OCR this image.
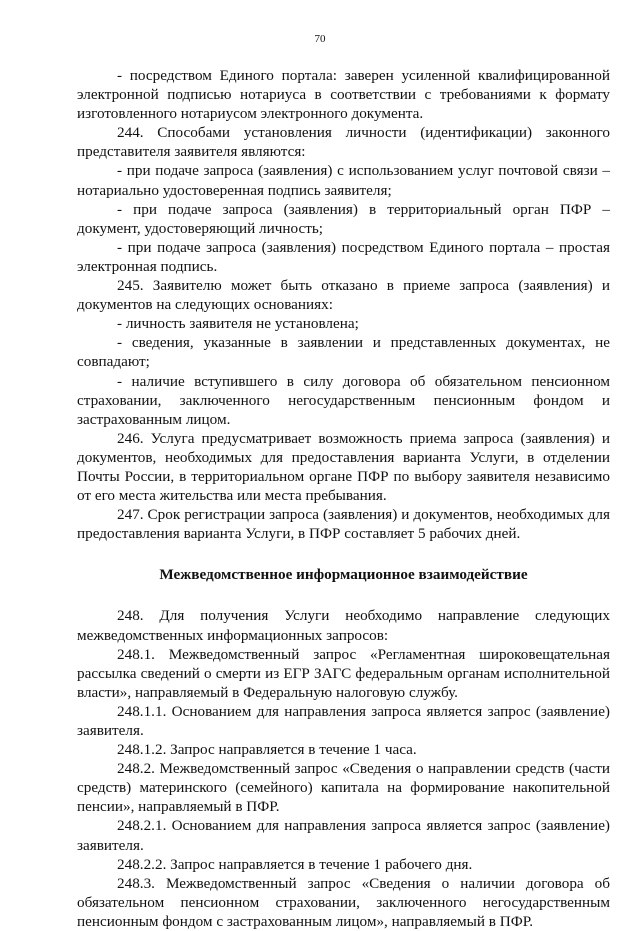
70

- посредством Единого портала: заверен усиленной квалифицированной электронной подписью нотариуса в соответствии с требованиями к формату изготовленного нотариусом электронного документа.

244. Способами установления личности (идентификации) законного представителя заявителя являются:

- при подаче запроса (заявления) с использованием услуг почтовой связи – нотариально удостоверенная подпись заявителя;

- при подаче запроса (заявления) в территориальный орган ПФР – документ, удостоверяющий личность;

- при подаче запроса (заявления) посредством Единого портала – простая электронная подпись.

245. Заявителю может быть отказано в приеме запроса (заявления) и документов на следующих основаниях:

- личность заявителя не установлена;

- сведения, указанные в заявлении и представленных документах, не совпадают;

- наличие вступившего в силу договора об обязательном пенсионном страховании, заключенного негосударственным пенсионным фондом и застрахованным лицом.

246. Услуга предусматривает возможность приема запроса (заявления) и документов, необходимых для предоставления варианта Услуги, в отделении Почты России, в территориальном органе ПФР по выбору заявителя независимо от его места жительства или места пребывания.

247. Срок регистрации запроса (заявления) и документов, необходимых для предоставления варианта Услуги, в ПФР составляет 5 рабочих дней.

Межведомственное информационное взаимодействие

248. Для получения Услуги необходимо направление следующих межведомственных информационных запросов:

248.1. Межведомственный запрос «Регламентная широковещательная рассылка сведений о смерти из ЕГР ЗАГС федеральным органам исполнительной власти», направляемый в Федеральную налоговую службу.

248.1.1. Основанием для направления запроса является запрос (заявление) заявителя.

248.1.2. Запрос направляется в течение 1 часа.

248.2. Межведомственный запрос «Сведения о направлении средств (части средств) материнского (семейного) капитала на формирование накопительной пенсии», направляемый в ПФР.

248.2.1. Основанием для направления запроса является запрос (заявление) заявителя.

248.2.2. Запрос направляется в течение 1 рабочего дня.

248.3. Межведомственный запрос «Сведения о наличии договора об обязательном пенсионном страховании, заключенного негосударственным пенсионным фондом с застрахованным лицом», направляемый в ПФР.
